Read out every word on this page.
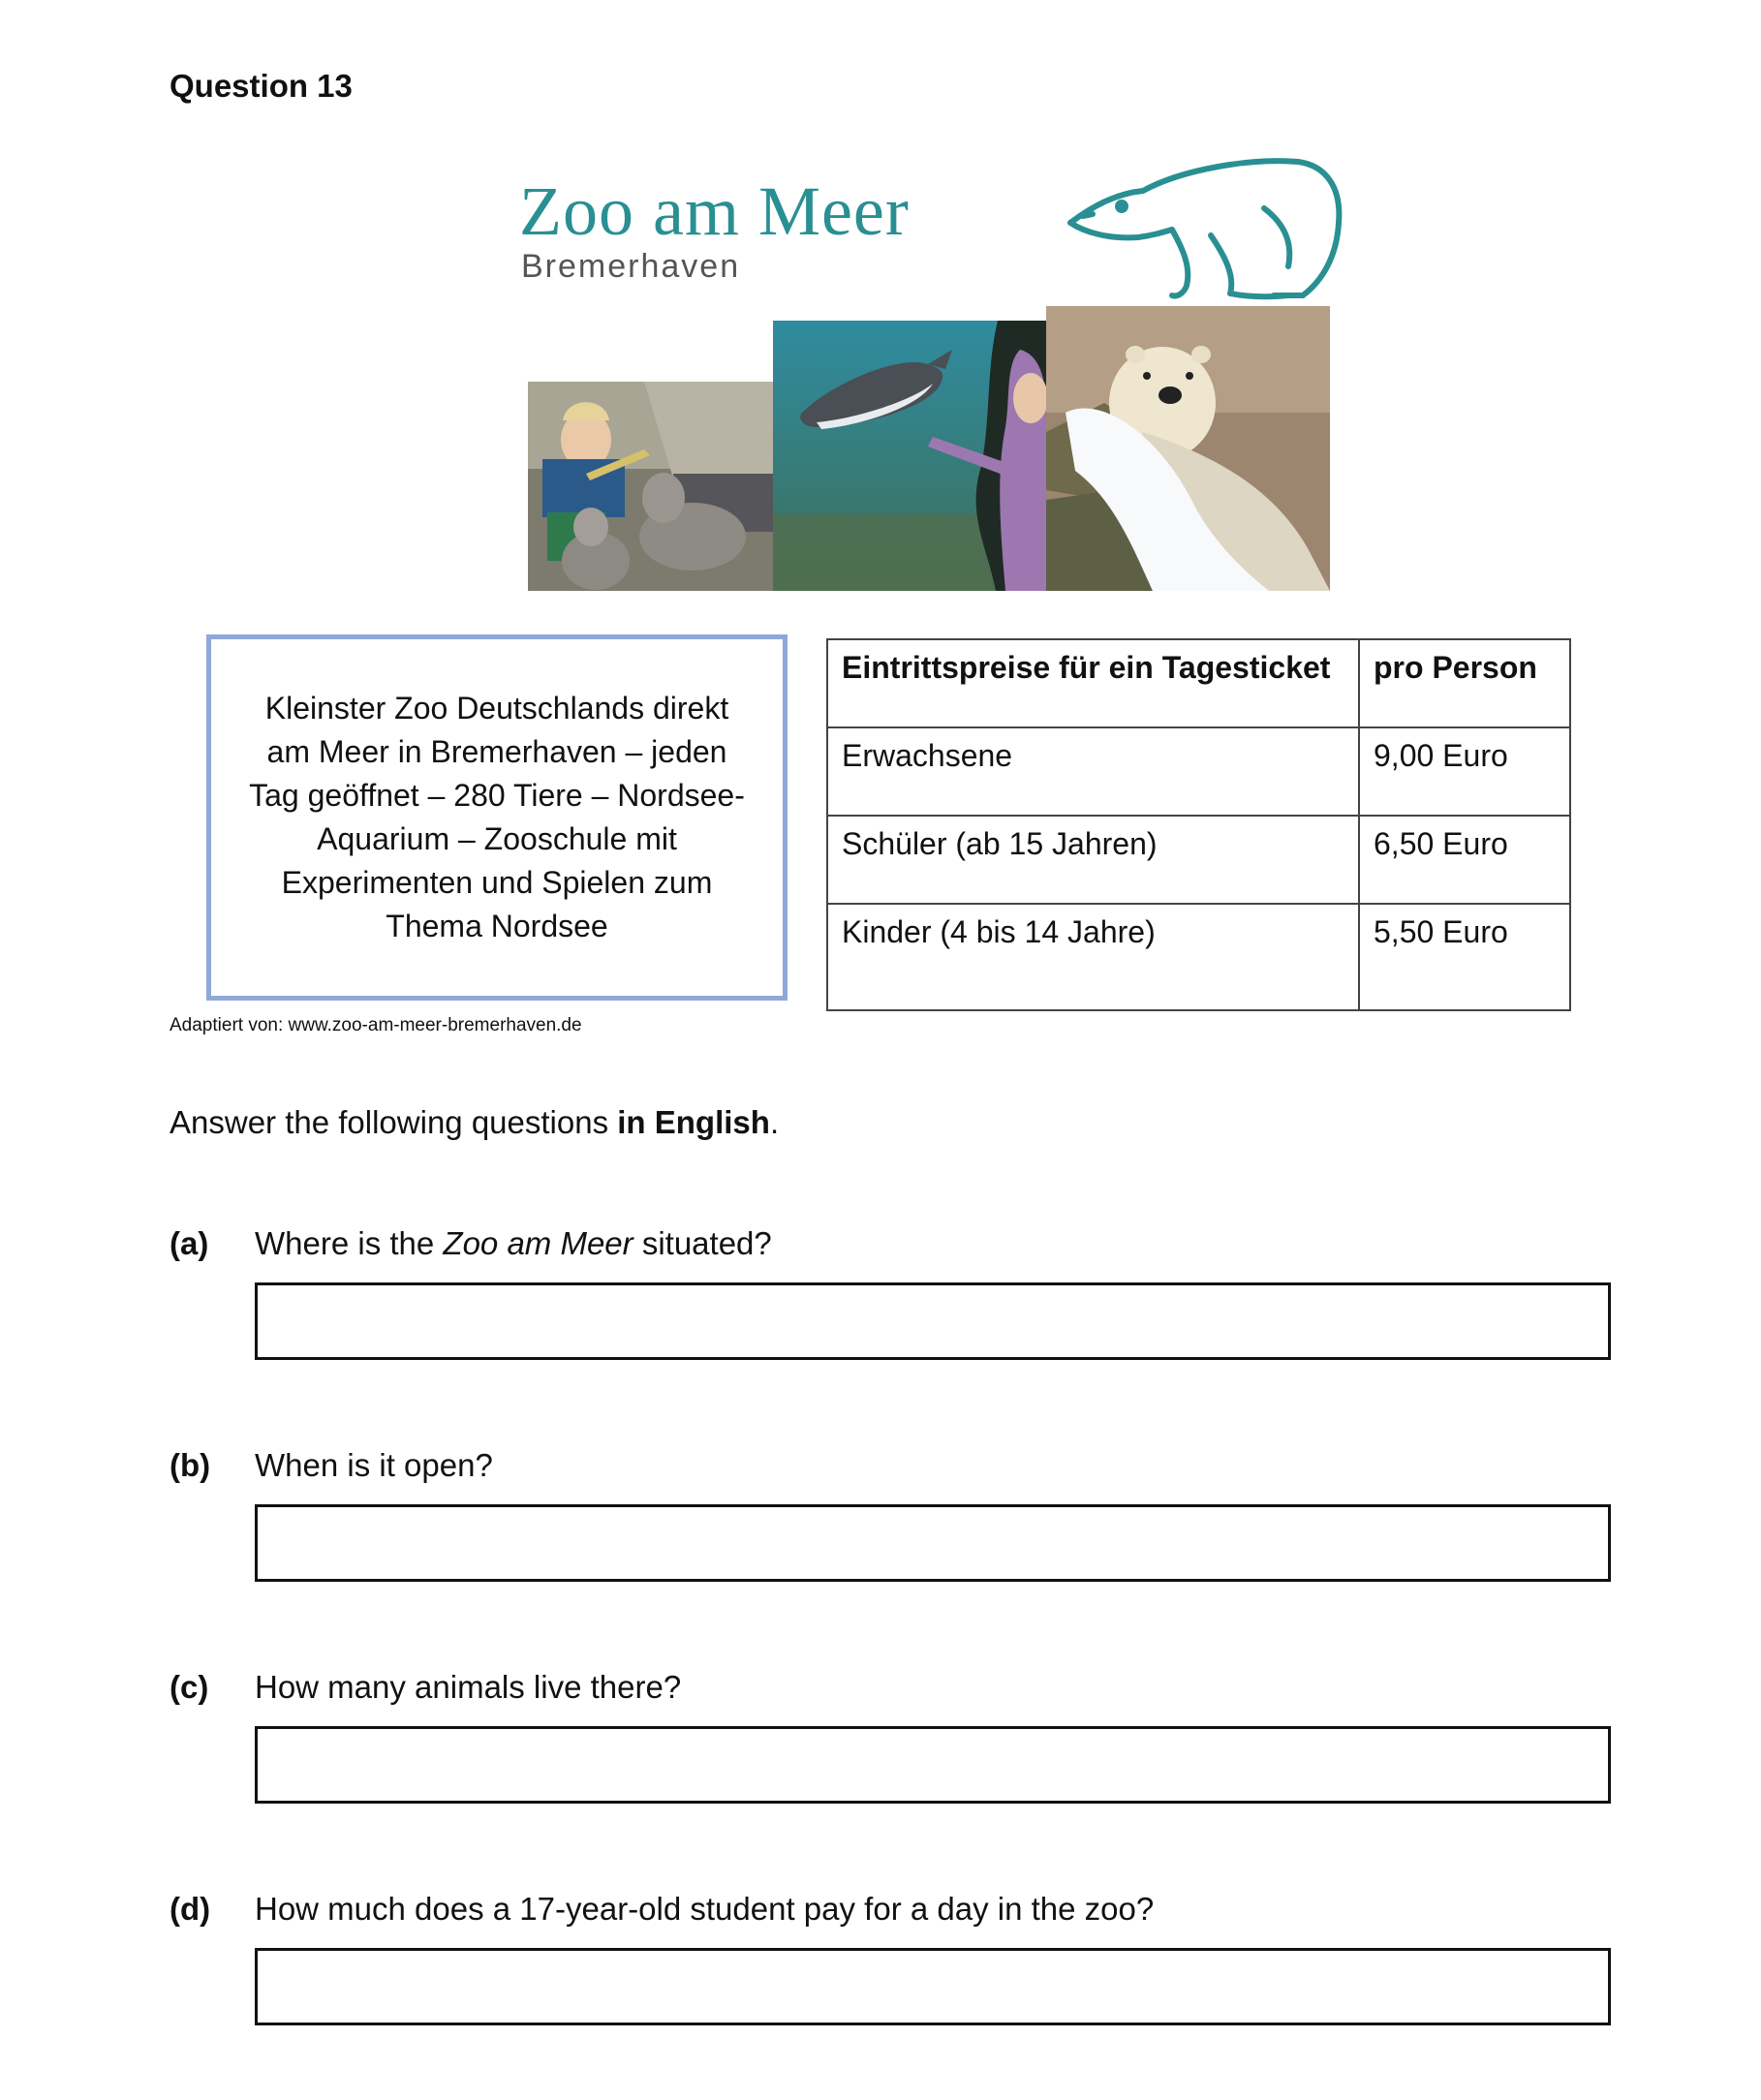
Question 13
Zoo am Meer
Bremerhaven
Kleinster Zoo Deutschlands direkt am Meer in Bremerhaven – jeden Tag geöffnet – 280 Tiere – Nordsee-Aquarium – Zooschule mit Experimenten und Spielen zum Thema Nordsee
Adaptiert von: www.zoo-am-meer-bremerhaven.de
Eintrittspreise für ein Tagesticket	pro Person
Erwachsene	9,00 Euro
Schüler (ab 15 Jahren)	6,50 Euro
Kinder (4 bis 14 Jahre)	5,50 Euro
Answer the following questions in English.
(a) Where is the Zoo am Meer situated?
(b) When is it open?
(c) How many animals live there?
(d) How much does a 17-year-old student pay for a day in the zoo?
